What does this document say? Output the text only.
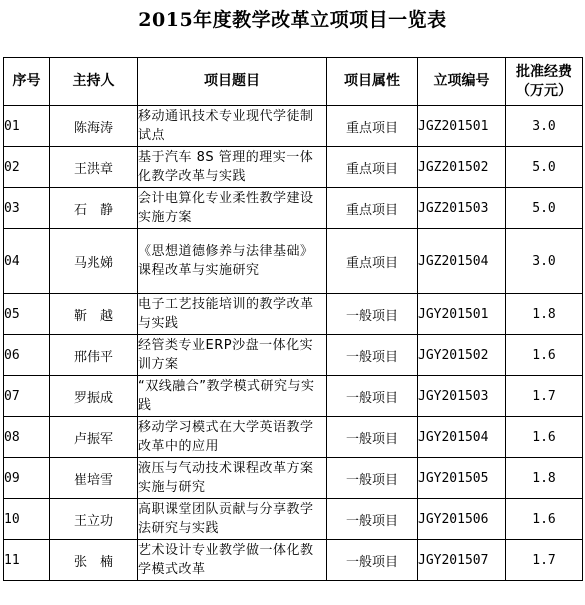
2015年度教学改革立项项目一览表
序号	主持人	项目题目	项目属性	立项编号	批准经费
（万元）

01	陈海涛	移动通讯技术专业现代学徒制试点	重点项目	JGZ201501	3.0
02	王洪章	基于汽车 8S 管理的理实一体化教学改革与实践	重点项目	JGZ201502	5.0
03	石　静	会计电算化专业柔性教学建设实施方案	重点项目	JGZ201503	5.0
04	马兆娣	《思想道德修养与法律基础》课程改革与实施研究	重点项目	JGZ201504	3.0
05	靳　越	电子工艺技能培训的教学改革与实践	一般项目	JGY201501	1.8
06	邢伟平	经管类专业ERP沙盘一体化实训方案	一般项目	JGY201502	1.6
07	罗振成	“双线融合”教学模式研究与实践	一般项目	JGY201503	1.7
08	卢振军	移动学习模式在大学英语教学改革中的应用	一般项目	JGY201504	1.6
09	崔培雪	液压与气动技术课程改革方案实施与研究	一般项目	JGY201505	1.8
10	王立功	高职课堂团队贡献与分享教学法研究与实践	一般项目	JGY201506	1.6
11	张　楠	艺术设计专业教学做一体化教学模式改革	一般项目	JGY201507	1.7
